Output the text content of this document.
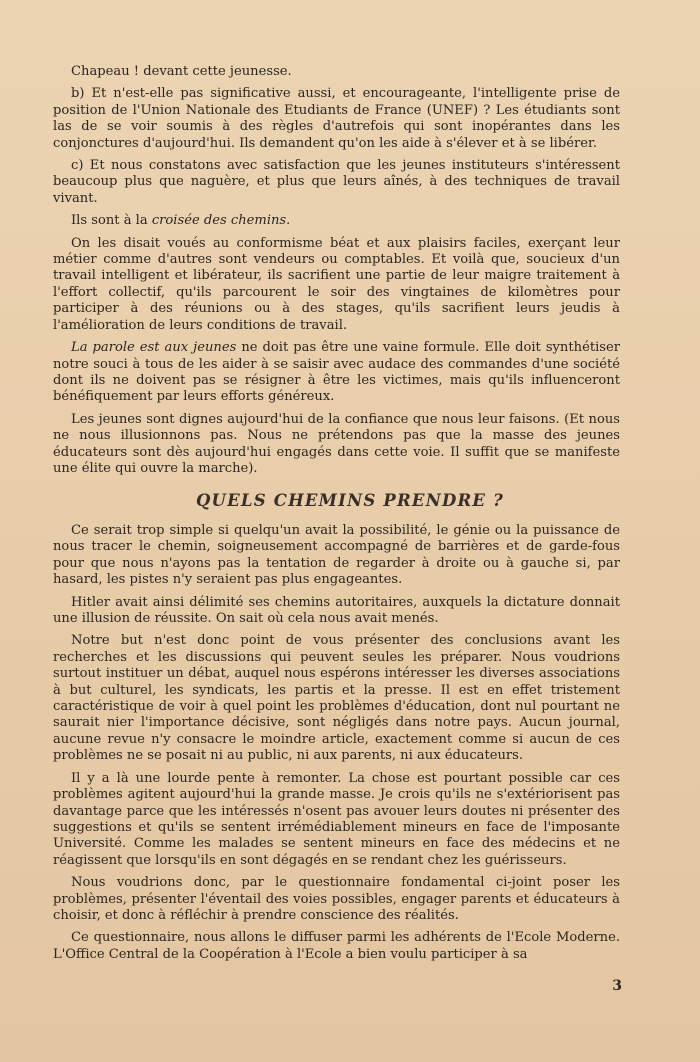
Chapeau ! devant cette jeunesse.

b) Et n'est-elle pas significative aussi, et encourageante, l'intelligente prise de position de l'Union Nationale des Etudiants de France (UNEF) ? Les étudiants sont las de se voir soumis à des règles d'autrefois qui sont inopérantes dans les conjonctures d'aujourd'hui. Ils demandent qu'on les aide à s'élever et à se libérer.

c) Et nous constatons avec satisfaction que les jeunes instituteurs s'intéressent beaucoup plus que naguère, et plus que leurs aînés, à des techniques de travail vivant.

Ils sont à la croisée des chemins.

On les disait voués au conformisme béat et aux plaisirs faciles, exerçant leur métier comme d'autres sont vendeurs ou comptables. Et voilà que, soucieux d'un travail intelligent et libérateur, ils sacrifient une partie de leur maigre traitement à l'effort collectif, qu'ils parcourent le soir des vingtaines de kilomètres pour participer à des réunions ou à des stages, qu'ils sacrifient leurs jeudis à l'amélioration de leurs conditions de travail.

La parole est aux jeunes ne doit pas être une vaine formule. Elle doit synthétiser notre souci à tous de les aider à se saisir avec audace des commandes d'une société dont ils ne doivent pas se résigner à être les victimes, mais qu'ils influenceront bénéfiquement par leurs efforts généreux.

Les jeunes sont dignes aujourd'hui de la confiance que nous leur faisons. (Et nous ne nous illusionnons pas. Nous ne prétendons pas que la masse des jeunes éducateurs sont dès aujourd'hui engagés dans cette voie. Il suffit que se manifeste une élite qui ouvre la marche).

QUELS CHEMINS PRENDRE ?

Ce serait trop simple si quelqu'un avait la possibilité, le génie ou la puissance de nous tracer le chemin, soigneusement accompagné de barrières et de garde-fous pour que nous n'ayons pas la tentation de regarder à droite ou à gauche si, par hasard, les pistes n'y seraient pas plus engageantes.

Hitler avait ainsi délimité ses chemins autoritaires, auxquels la dictature donnait une illusion de réussite. On sait où cela nous avait menés.

Notre but n'est donc point de vous présenter des conclusions avant les recherches et les discussions qui peuvent seules les préparer. Nous voudrions surtout instituer un débat, auquel nous espérons intéresser les diverses associations à but culturel, les syndicats, les partis et la presse. Il est en effet tristement caractéristique de voir à quel point les problèmes d'éducation, dont nul pourtant ne saurait nier l'importance décisive, sont négligés dans notre pays. Aucun journal, aucune revue n'y consacre le moindre article, exactement comme si aucun de ces problèmes ne se posait ni au public, ni aux parents, ni aux éducateurs.

Il y a là une lourde pente à remonter. La chose est pourtant possible car ces problèmes agitent aujourd'hui la grande masse. Je crois qu'ils ne s'extériorisent pas davantage parce que les intéressés n'osent pas avouer leurs doutes ni présenter des suggestions et qu'ils se sentent irrémédiablement mineurs en face de l'imposante Université. Comme les malades se sentent mineurs en face des médecins et ne réagissent que lorsqu'ils en sont dégagés en se rendant chez les guérisseurs.

Nous voudrions donc, par le questionnaire fondamental ci-joint poser les problèmes, présenter l'éventail des voies possibles, engager parents et éducateurs à choisir, et donc à réfléchir à prendre conscience des réalités.

Ce questionnaire, nous allons le diffuser parmi les adhérents de l'Ecole Moderne. L'Office Central de la Coopération à l'Ecole a bien voulu participer à sa

3
